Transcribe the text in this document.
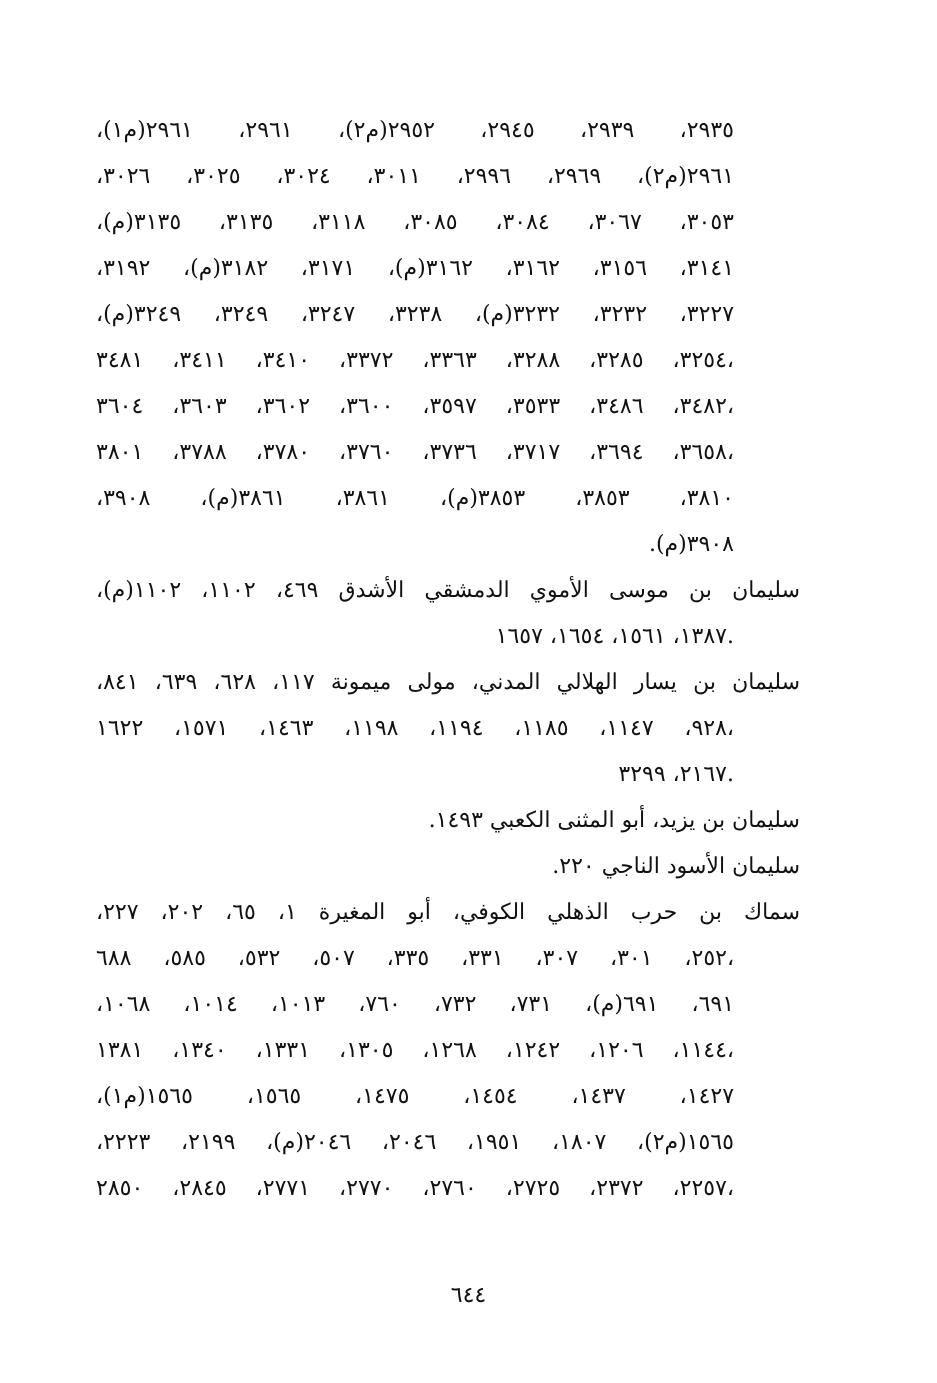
٢٩٣٥، ٢٩٣٩، ٢٩٤٥، ٢٩٥٢(م٢)، ٢٩٦١، ٢٩٦١(م١)،
٢٩٦١(م٢)، ٢٩٦٩، ٢٩٩٦، ٣٠١١، ٣٠٢٤، ٣٠٢٥، ٣٠٢٦،
٣٠٥٣، ٣٠٦٧، ٣٠٨٤، ٣٠٨٥، ٣١١٨، ٣١٣٥، ٣١٣٥(م)،
٣١٤١، ٣١٥٦، ٣١٦٢، ٣١٦٢(م)، ٣١٧١، ٣١٨٢(م)، ٣١٩٢،
٣٢٢٧، ٣٢٣٢، ٣٢٣٢(م)، ٣٢٣٨، ٣٢٤٧، ٣٢٤٩، ٣٢٤٩(م)،
٣٢٥٤، ٣٢٨٥، ٣٢٨٨، ٣٣٦٣، ٣٣٧٢، ٣٤١٠، ٣٤١١، ٣٤٨١،
٣٤٨٢، ٣٤٨٦، ٣٥٣٣، ٣٥٩٧، ٣٦٠٠، ٣٦٠٢، ٣٦٠٣، ٣٦٠٤،
٣٦٥٨، ٣٦٩٤، ٣٧١٧، ٣٧٣٦، ٣٧٦٠، ٣٧٨٠، ٣٧٨٨، ٣٨٠١،
٣٨١٠، ٣٨٥٣، ٣٨٥٣(م)، ٣٨٦١، ٣٨٦١(م)، ٣٩٠٨،
٣٩٠٨(م).
سليمان بن موسى الأموي الدمشقي الأشدق ٤٦٩، ١١٠٢، ١١٠٢(م)،
١٣٨٧، ١٥٦١، ١٦٥٤، ١٦٥٧.
سليمان بن يسار الهلالي المدني، مولى ميمونة ١١٧، ٦٢٨، ٦٣٩، ٨٤١،
٩٢٨، ١١٤٧، ١١٨٥، ١١٩٤، ١١٩٨، ١٤٦٣، ١٥٧١، ١٦٢٢،
٢١٦٧، ٣٢٩٩.
سليمان بن يزيد، أبو المثنى الكعبي ١٤٩٣.
سليمان الأسود الناجي ٢٢٠.
سماك بن حرب الذهلي الكوفي، أبو المغيرة ١، ٦٥، ٢٠٢، ٢٢٧،
٢٥٢، ٣٠١، ٣٠٧، ٣٣١، ٣٣٥، ٥٠٧، ٥٣٢، ٥٨٥، ٦٨٨،
٦٩١، ٦٩١(م)، ٧٣١، ٧٣٢، ٧٦٠، ١٠١٣، ١٠١٤، ١٠٦٨،
١١٤٤، ١٢٠٦، ١٢٤٢، ١٢٦٨، ١٣٠٥، ١٣٣١، ١٣٤٠، ١٣٨١،
١٤٢٧، ١٤٣٧، ١٤٥٤، ١٤٧٥، ١٥٦٥، ١٥٦٥(م١)،
١٥٦٥(م٢)، ١٨٠٧، ١٩٥١، ٢٠٤٦، ٢٠٤٦(م)، ٢١٩٩، ٢٢٢٣،
٢٢٥٧، ٢٣٧٢، ٢٧٢٥، ٢٧٦٠، ٢٧٧٠، ٢٧٧١، ٢٨٤٥، ٢٨٥٠،
٦٤٤
